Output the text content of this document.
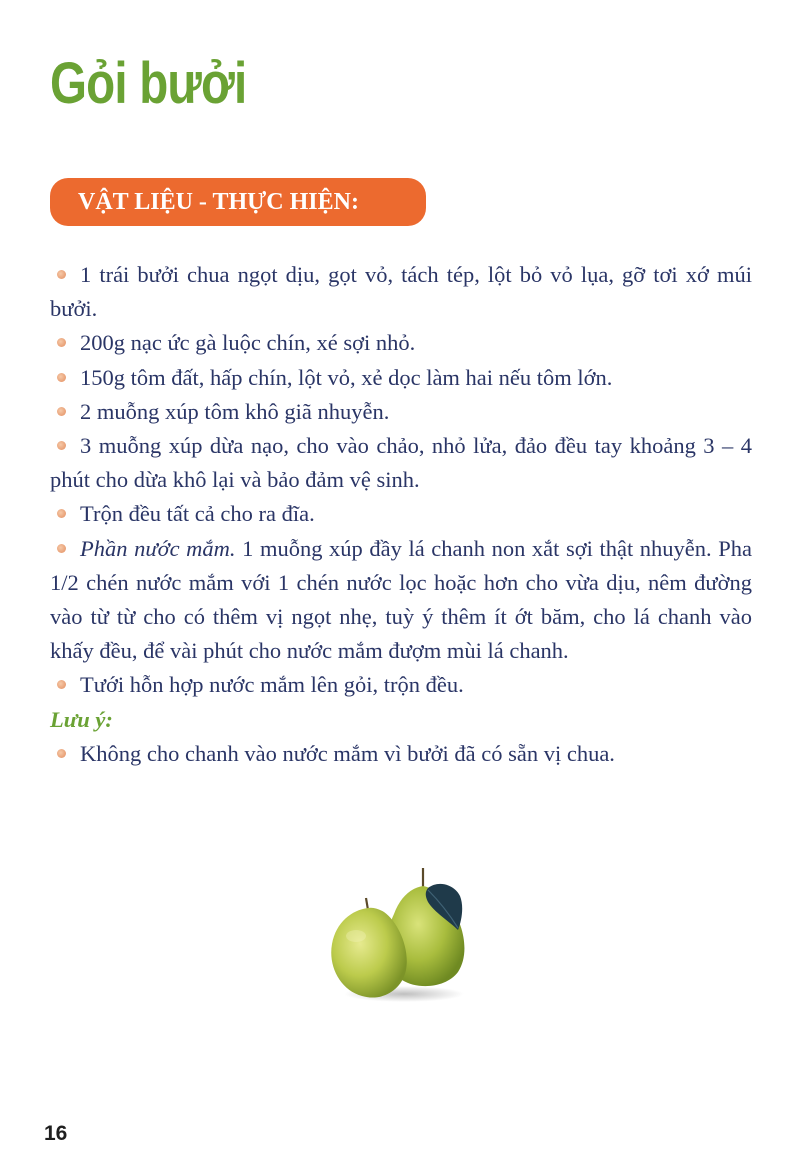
Gỏi bưởi
VẬT LIỆU - THỰC HIỆN:

1 trái bưởi chua ngọt dịu, gọt vỏ, tách tép, lột bỏ vỏ lụa, gỡ tơi xớ múi bưởi.

200g nạc ức gà luộc chín, xé sợi nhỏ.

150g tôm đất, hấp chín, lột vỏ, xẻ dọc làm hai nếu tôm lớn.

2 muỗng xúp tôm khô giã nhuyễn.

3 muỗng xúp dừa nạo, cho vào chảo, nhỏ lửa, đảo đều tay khoảng 3 – 4 phút cho dừa khô lại và bảo đảm vệ sinh.

Trộn đều tất cả cho ra đĩa.

Phần nước mắm. 1 muỗng xúp đầy lá chanh non xắt sợi thật nhuyễn. Pha 1/2 chén nước mắm với 1 chén nước lọc hoặc hơn cho vừa dịu, nêm đường vào từ từ cho có thêm vị ngọt nhẹ, tuỳ ý thêm ít ớt băm, cho lá chanh vào khấy đều, để vài phút cho nước mắm đượm mùi lá chanh.

Tưới hỗn hợp nước mắm lên gỏi, trộn đều.

Lưu ý:

Không cho chanh vào nước mắm vì bưởi đã có sẵn vị chua.

16
